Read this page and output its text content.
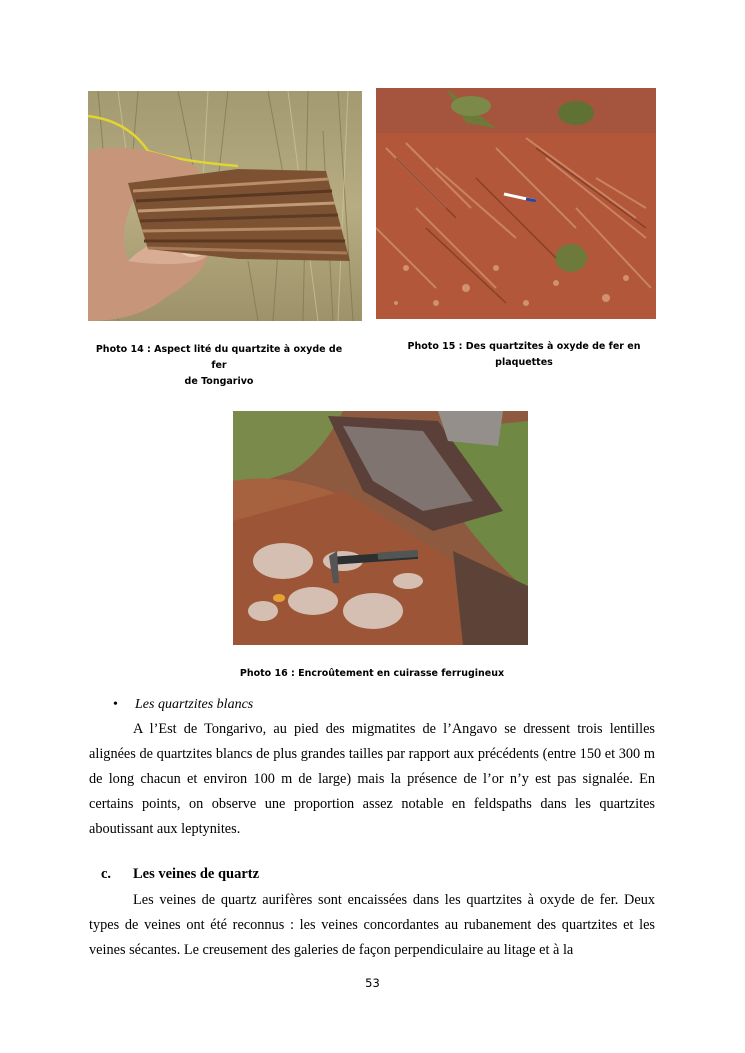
Photo 14 : Aspect lité du quartzite à oxyde de fer
de Tongarivo
Photo 15 : Des quartzites à oxyde de fer en
plaquettes
Photo 16 : Encroûtement en cuirasse ferrugineux
• Les quartzites blancs
A l’Est de Tongarivo, au pied des migmatites de l’Angavo se dressent trois lentilles alignées de quartzites blancs de plus grandes tailles par rapport aux précédents (entre 150 et 300 m de long chacun et environ 100 m de large) mais la présence de l’or n’y est pas signalée. En certains points, on observe une proportion assez notable en feldspaths dans les quartzites aboutissant aux leptynites.
c. Les veines de quartz
Les veines de quartz aurifères sont encaissées dans les quartzites à oxyde de fer. Deux types de veines ont été reconnus : les veines concordantes au rubanement des quartzites et les veines sécantes. Le creusement des galeries de façon perpendiculaire au litage et à la
53
